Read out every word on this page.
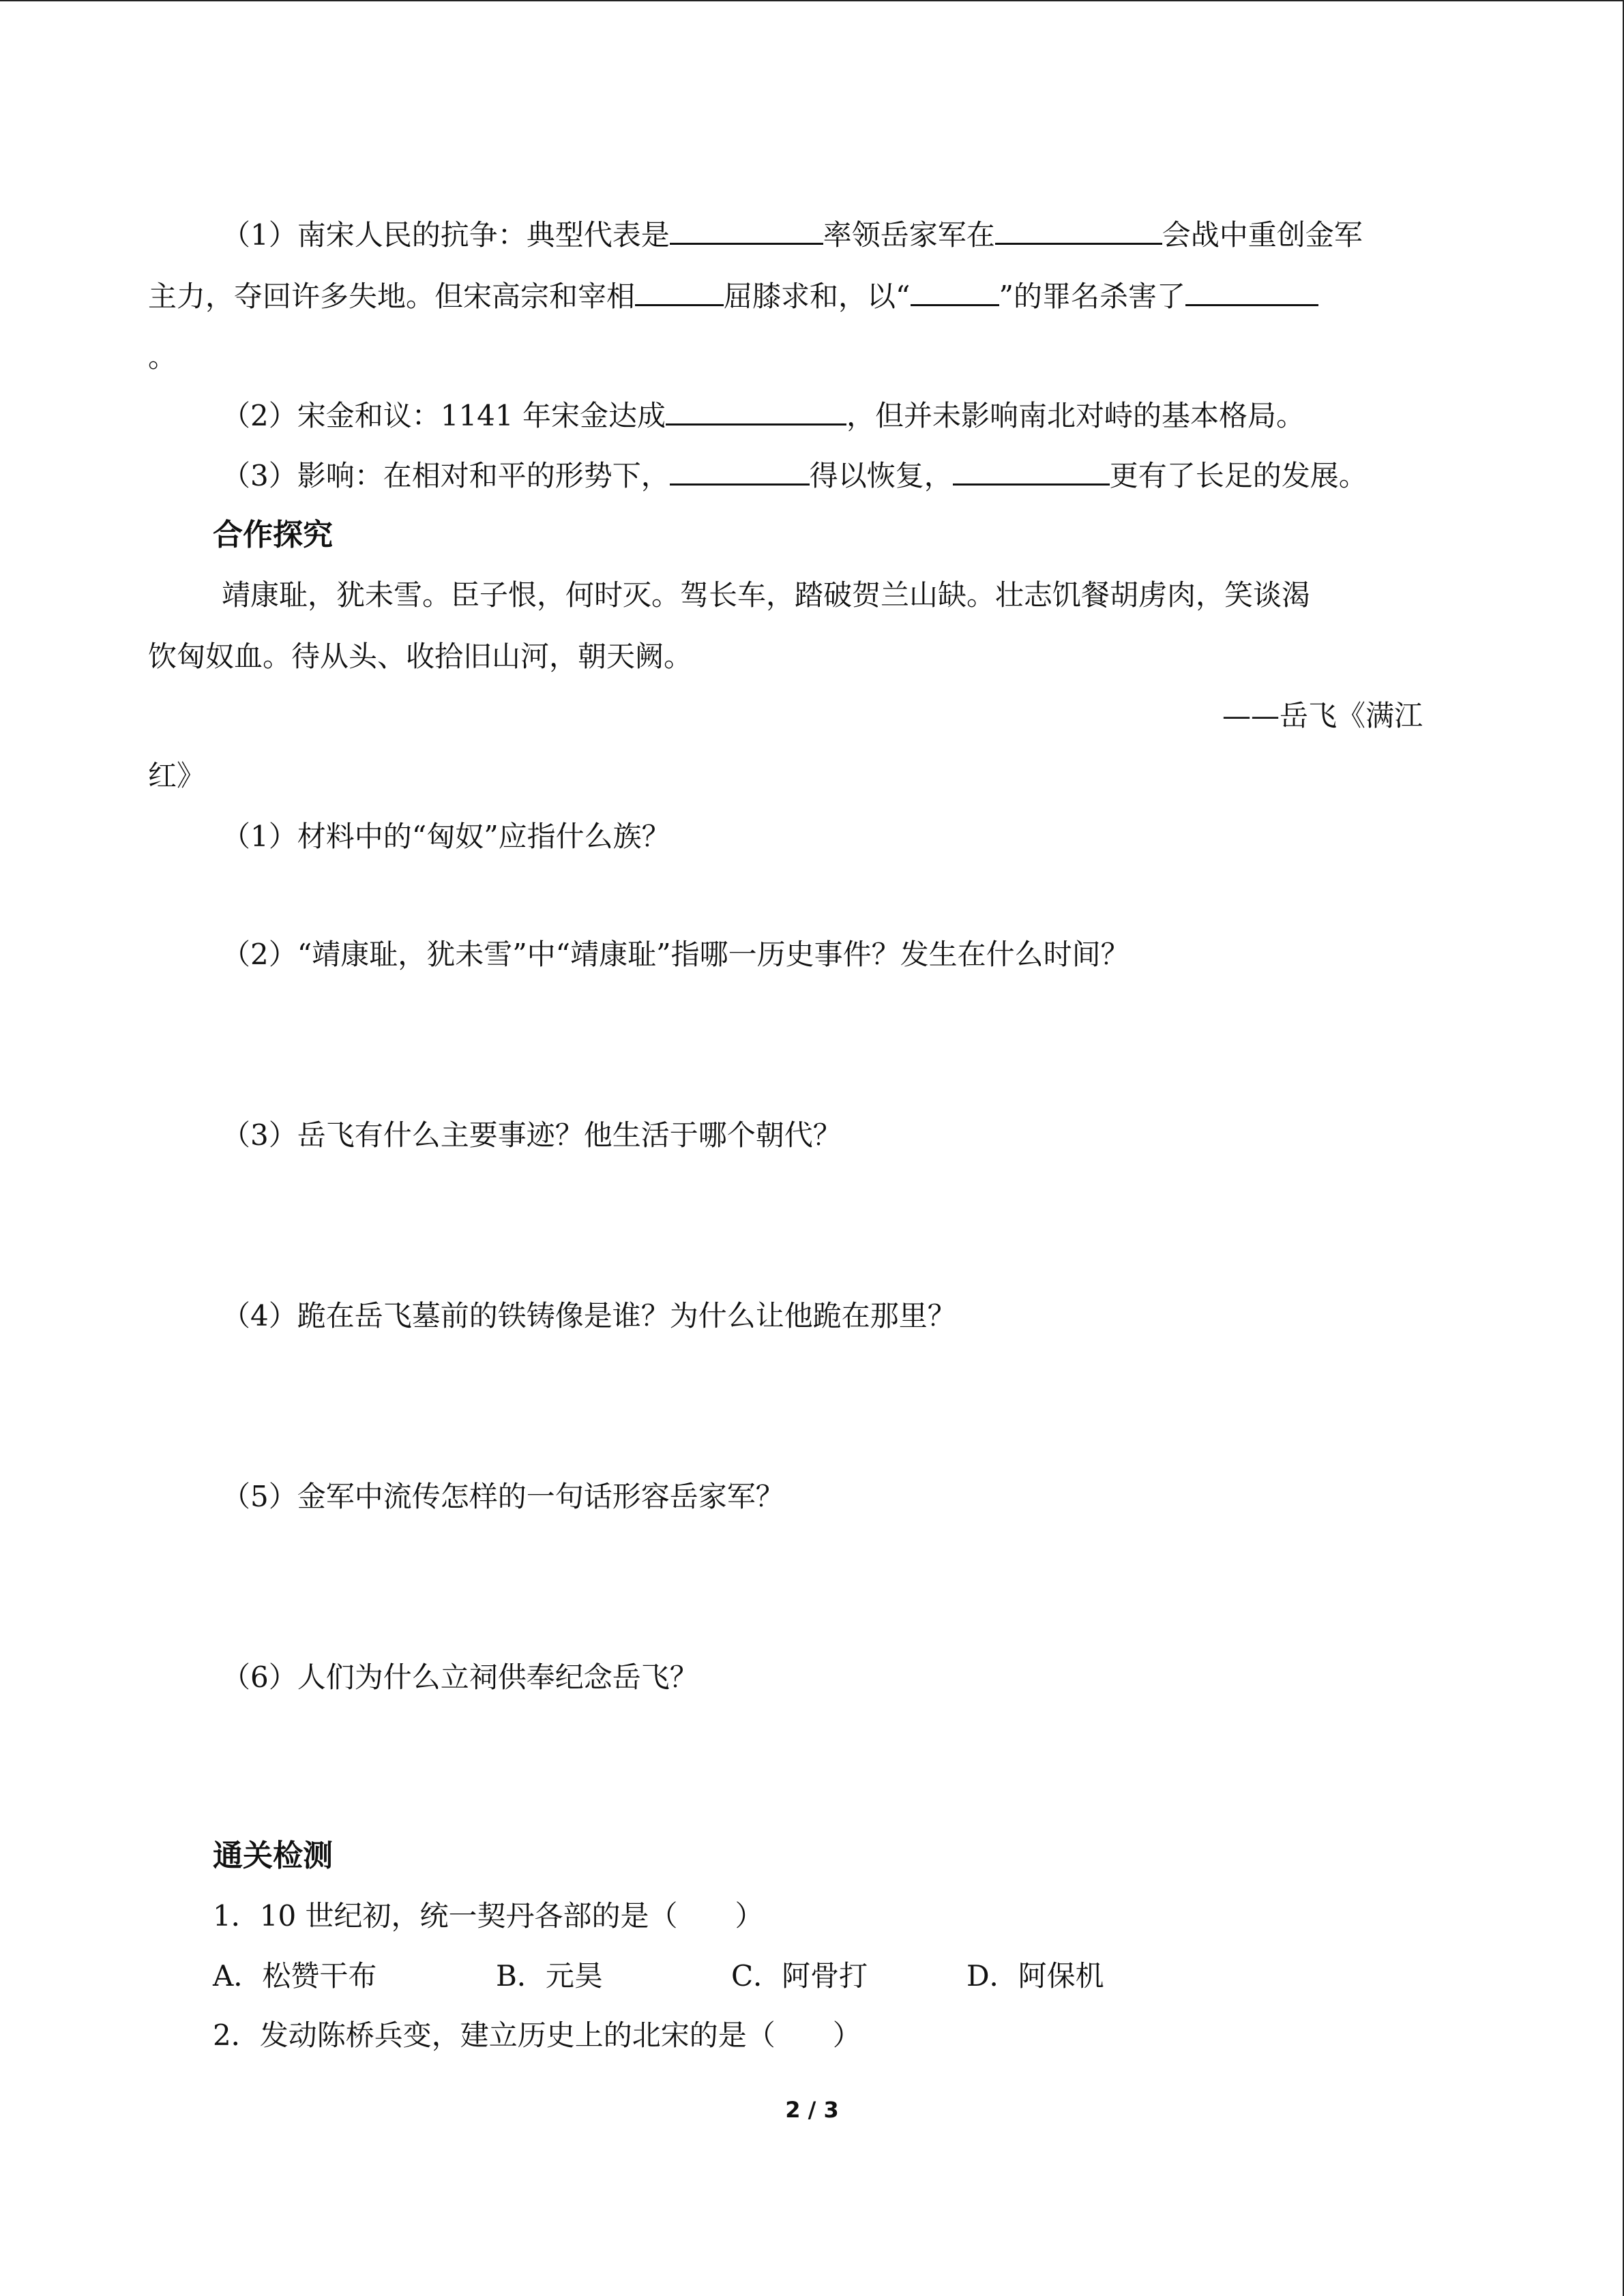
（1）南宋人民的抗争：典型代表是	率领岳家军在	会战中重创金军
主力，夺回许多失地。但宋高宗和宰相	屈膝求和，以“	”的罪名杀害了
。
（2）宋金和议：1141 年宋金达成	，但并未影响南北对峙的基本格局。
（3）影响：在相对和平的形势下，	得以恢复，	更有了长足的发展。
合作探究
靖康耻，犹未雪。臣子恨，何时灭。驾长车，踏破贺兰山缺。壮志饥餐胡虏肉，笑谈渴
饮匈奴血。待从头、收拾旧山河，朝天阙。
——岳飞《满江
红》
（1）材料中的“匈奴”应指什么族？
（2）“靖康耻，犹未雪”中“靖康耻”指哪一历史事件？发生在什么时间？
（3）岳飞有什么主要事迹？他生活于哪个朝代？
（4）跪在岳飞墓前的铁铸像是谁？为什么让他跪在那里？
（5）金军中流传怎样的一句话形容岳家军？
（6）人们为什么立祠供奉纪念岳飞？
通关检测
1．10 世纪初，统一契丹各部的是（　　）
A．松赞干布	B．元昊	C．阿骨打	D．阿保机
2．发动陈桥兵变，建立历史上的北宋的是（　　）
2 / 3
